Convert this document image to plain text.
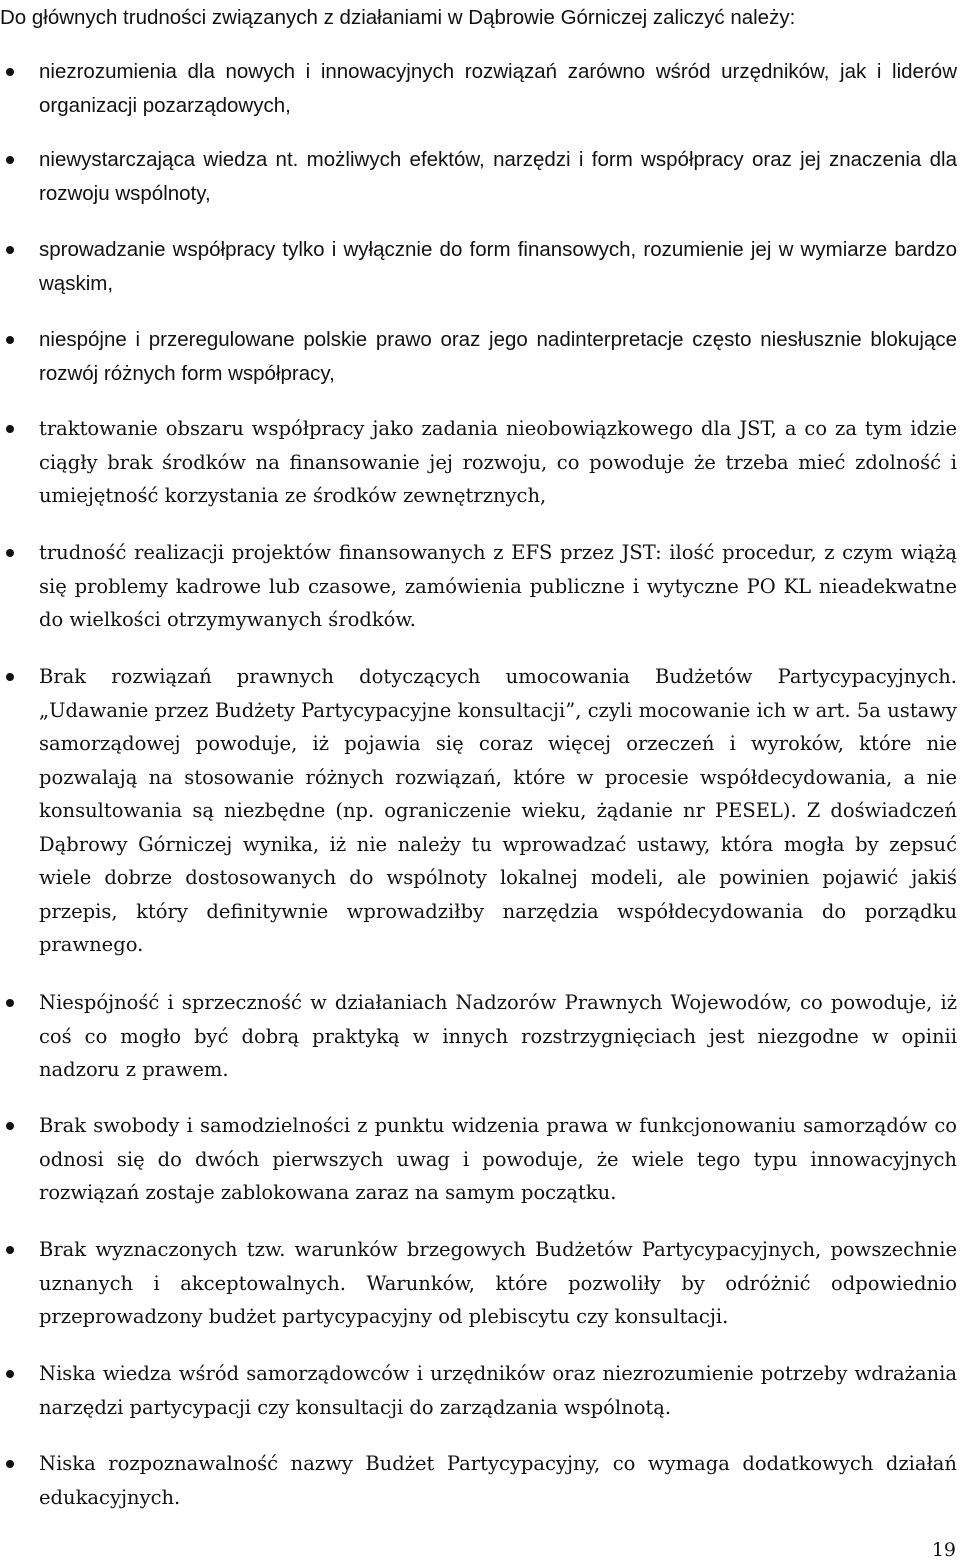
Do głównych trudności związanych z działaniami w Dąbrowie Górniczej zaliczyć należy:
niezrozumienia dla nowych i innowacyjnych rozwiązań zarówno wśród urzędników, jak i liderów organizacji pozarządowych,
niewystarczająca wiedza nt. możliwych efektów, narzędzi i form współpracy oraz jej znaczenia dla rozwoju wspólnoty,
sprowadzanie współpracy tylko i wyłącznie do form finansowych, rozumienie jej w wymiarze bardzo wąskim,
niespójne i przeregulowane polskie prawo oraz jego nadinterpretacje często niesłusznie blokujące rozwój różnych form współpracy,
traktowanie obszaru współpracy jako zadania nieobowiązkowego dla JST, a co za tym idzie ciągły brak środków na finansowanie jej rozwoju, co powoduje że trzeba mieć zdolność i umiejętność korzystania ze środków zewnętrznych,
trudność realizacji projektów finansowanych z EFS przez JST: ilość procedur, z czym wiążą się problemy kadrowe lub czasowe, zamówienia publiczne i wytyczne PO KL nieadekwatne do wielkości otrzymywanych środków.
Brak rozwiązań prawnych dotyczących umocowania Budżetów Partycypacyjnych. „Udawanie przez Budżety Partycypacyjne konsultacji”, czyli mocowanie ich w art. 5a ustawy samorządowej powoduje, iż pojawia się coraz więcej orzeczeń i wyroków, które nie pozwalają na stosowanie różnych rozwiązań, które w procesie współdecydowania, a nie konsultowania są niezbędne (np. ograniczenie wieku, żądanie nr PESEL). Z doświadczeń Dąbrowy Górniczej wynika, iż nie należy tu wprowadzać ustawy, która mogła by zepsuć wiele dobrze dostosowanych do wspólnoty lokalnej modeli, ale powinien pojawić jakiś przepis, który definitywnie wprowadziłby narzędzia współdecydowania do porządku prawnego.
Niespójność i sprzeczność w działaniach Nadzorów Prawnych Wojewodów, co powoduje, iż coś co mogło być dobrą praktyką w innych rozstrzygnięciach jest niezgodne w opinii nadzoru z prawem.
Brak swobody i samodzielności z punktu widzenia prawa w funkcjonowaniu samorządów co odnosi się do dwóch pierwszych uwag i powoduje, że wiele tego typu innowacyjnych rozwiązań zostaje zablokowana zaraz na samym początku.
Brak wyznaczonych tzw. warunków brzegowych Budżetów Partycypacyjnych, powszechnie uznanych i akceptowalnych. Warunków, które pozwoliły by odróżnić odpowiednio przeprowadzony budżet partycypacyjny od plebiscytu czy konsultacji.
Niska wiedza wśród samorządowców i urzędników oraz niezrozumienie potrzeby wdrażania narzędzi partycypacji czy konsultacji do zarządzania wspólnotą.
Niska rozpoznawalność nazwy Budżet Partycypacyjny, co wymaga dodatkowych działań edukacyjnych.
19
